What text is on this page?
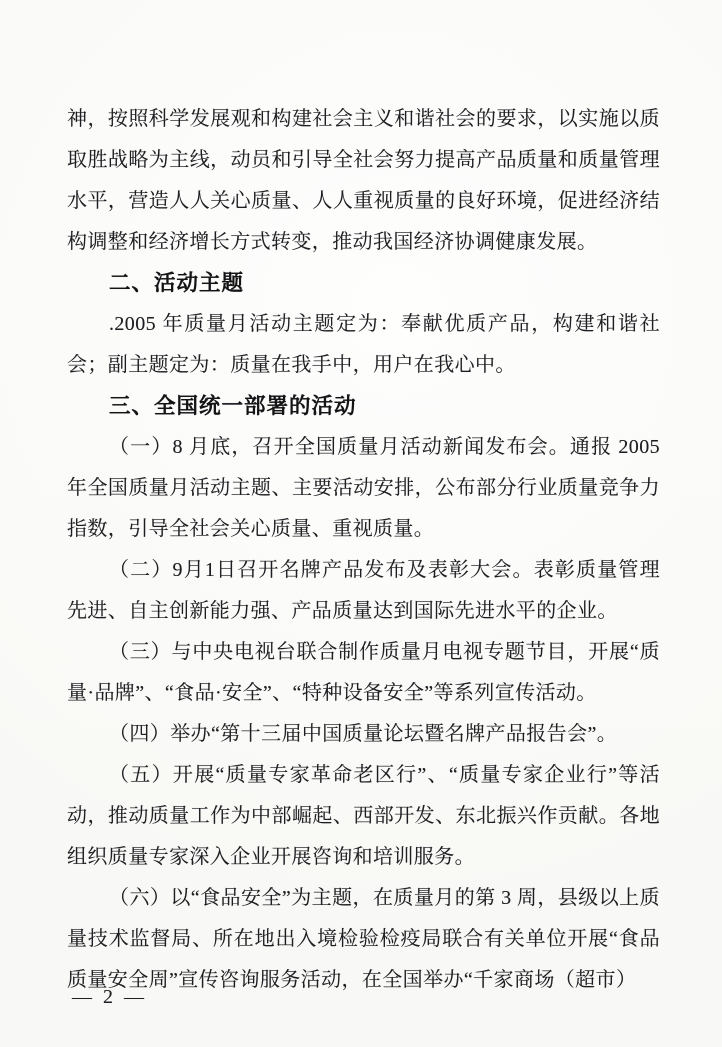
神，按照科学发展观和构建社会主义和谐社会的要求，以实施以质取胜战略为主线，动员和引导全社会努力提高产品质量和质量管理水平，营造人人关心质量、人人重视质量的良好环境，促进经济结构调整和经济增长方式转变，推动我国经济协调健康发展。

二、活动主题

.2005 年质量月活动主题定为：奉献优质产品，构建和谐社会；副主题定为：质量在我手中，用户在我心中。

三、全国统一部署的活动

（一）8 月底，召开全国质量月活动新闻发布会。通报 2005 年全国质量月活动主题、主要活动安排，公布部分行业质量竞争力指数，引导全社会关心质量、重视质量。

（二）9月1日召开名牌产品发布及表彰大会。表彰质量管理先进、自主创新能力强、产品质量达到国际先进水平的企业。

（三）与中央电视台联合制作质量月电视专题节目，开展“质量·品牌”、“食品·安全”、“特种设备安全”等系列宣传活动。

（四）举办“第十三届中国质量论坛暨名牌产品报告会”。

（五）开展“质量专家革命老区行”、“质量专家企业行”等活动，推动质量工作为中部崛起、西部开发、东北振兴作贡献。各地组织质量专家深入企业开展咨询和培训服务。

（六）以“食品安全”为主题，在质量月的第 3 周，县级以上质量技术监督局、所在地出入境检验检疫局联合有关单位开展“食品质量安全周”宣传咨询服务活动，在全国举办“千家商场（超市）

— 2 —
